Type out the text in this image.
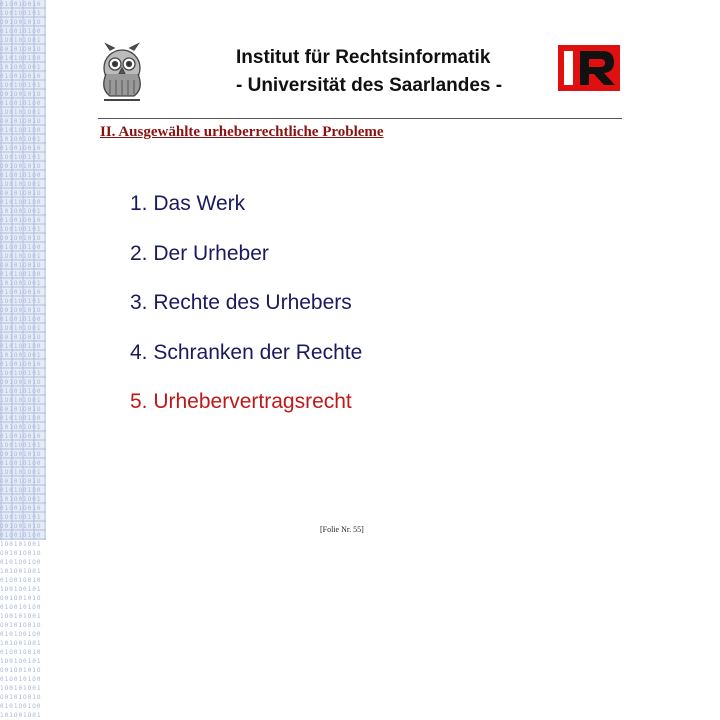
01O01O0101O01O0101O01O0101O01O0101O01O0101O01O0101O01O0101O01O0101O01O0101O01O0101O01O0101O01O0101O01O0101O01O0101O01O0101O01O0101O01O0101O01O0101O01O0101O01O0101O01O0101O01O0101O01O0101O01O0101O01O0101O01O0101O01O0101O01O0101O01O0101O01O0101O01O0101O01O0101O01O0101O01O0101O01O0101O01O0101O01O0101O01O0101O01O0101O01O0101O01O0101O01O0101O01O0101O01O0101O01O0101O01O0101O01O0101O01O0101O01O0101O01O0101O01O0101O01O0101O01O0101O01O0101O01O0101O01O0101O01O0101O01O0101O01O0101O01O0101O01O0101O01O0101O01O0101O01O0101O01O0101O01O0101O01O0101O01O0101O01O0101O01O0101O01O0101O01O0101O01O0101O01O0101O01O0101O01O0101O01O0101O01O0101O01O0101O01O0101O01O0101O01O0101O01O0101O01O0101O01O0101O01O0101O01O0101O01O0101O01O0101O01O01
Institut für Rechtsinformatik
- Universität des Saarlandes -
II. Ausgewählte urheberrechtliche Probleme
1. Das Werk
2. Der Urheber
3. Rechte des Urhebers
4. Schranken der Rechte
5. Urhebervertragsrecht
[Folie Nr. 55]
